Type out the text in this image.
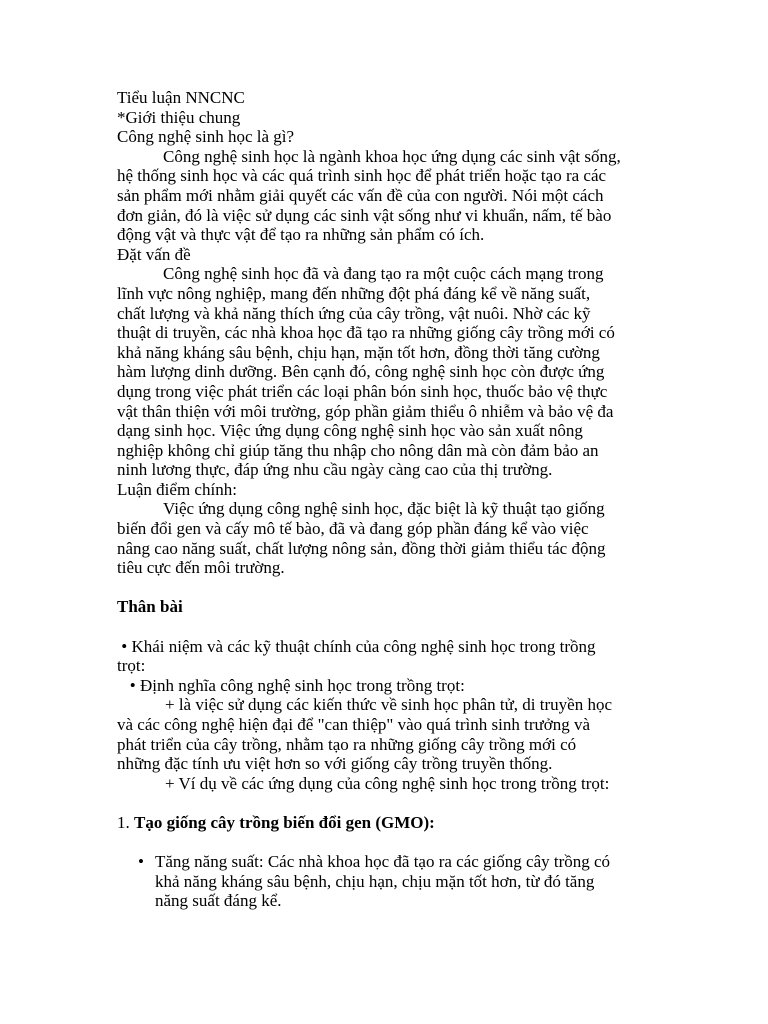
Tiểu luận NNCNC
*Giới thiệu chung
Công nghệ sinh học là gì?
Công nghệ sinh học là ngành khoa học ứng dụng các sinh vật sống,
hệ thống sinh học và các quá trình sinh học để phát triển hoặc tạo ra các
sản phẩm mới nhằm giải quyết các vấn đề của con người. Nói một cách
đơn giản, đó là việc sử dụng các sinh vật sống như vi khuẩn, nấm, tế bào
động vật và thực vật để tạo ra những sản phẩm có ích.
Đặt vấn đề
Công nghệ sinh học đã và đang tạo ra một cuộc cách mạng trong
lĩnh vực nông nghiệp, mang đến những đột phá đáng kể về năng suất,
chất lượng và khả năng thích ứng của cây trồng, vật nuôi. Nhờ các kỹ
thuật di truyền, các nhà khoa học đã tạo ra những giống cây trồng mới có
khả năng kháng sâu bệnh, chịu hạn, mặn tốt hơn, đồng thời tăng cường
hàm lượng dinh dưỡng. Bên cạnh đó, công nghệ sinh học còn được ứng
dụng trong việc phát triển các loại phân bón sinh học, thuốc bảo vệ thực
vật thân thiện với môi trường, góp phần giảm thiểu ô nhiễm và bảo vệ đa
dạng sinh học. Việc ứng dụng công nghệ sinh học vào sản xuất nông
nghiệp không chỉ giúp tăng thu nhập cho nông dân mà còn đảm bảo an
ninh lương thực, đáp ứng nhu cầu ngày càng cao của thị trường.
Luận điểm chính:
Việc ứng dụng công nghệ sinh học, đặc biệt là kỹ thuật tạo giống
biến đổi gen và cấy mô tế bào, đã và đang góp phần đáng kể vào việc
nâng cao năng suất, chất lượng nông sản, đồng thời giảm thiểu tác động
tiêu cực đến môi trường.
Thân bài
• Khái niệm và các kỹ thuật chính của công nghệ sinh học trong trồng
trọt:
• Định nghĩa công nghệ sinh học trong trồng trọt:
+ là việc sử dụng các kiến thức về sinh học phân tử, di truyền học
và các công nghệ hiện đại để "can thiệp" vào quá trình sinh trưởng và
phát triển của cây trồng, nhằm tạo ra những giống cây trồng mới có
những đặc tính ưu việt hơn so với giống cây trồng truyền thống.
+ Ví dụ về các ứng dụng của công nghệ sinh học trong trồng trọt:
1. Tạo giống cây trồng biến đổi gen (GMO):
• Tăng năng suất: Các nhà khoa học đã tạo ra các giống cây trồng có
khả năng kháng sâu bệnh, chịu hạn, chịu mặn tốt hơn, từ đó tăng
năng suất đáng kể.
